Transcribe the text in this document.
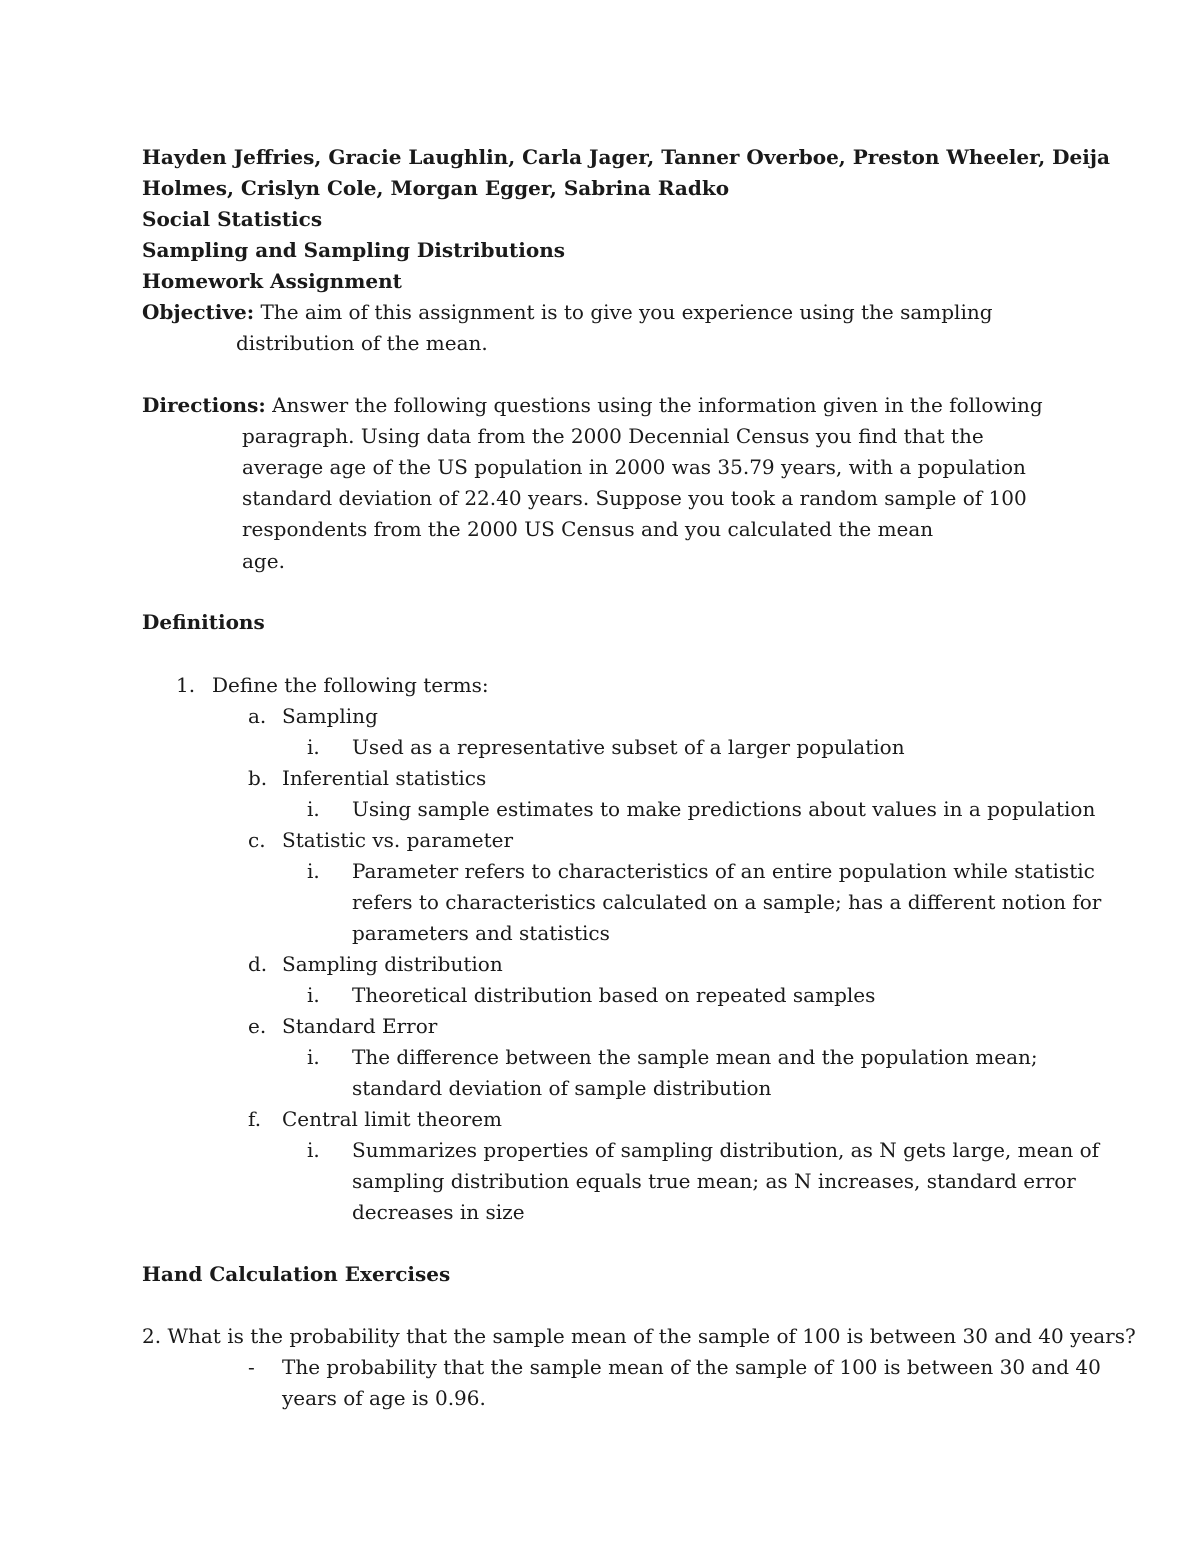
Hayden Jeffries, Gracie Laughlin, Carla Jager, Tanner Overboe, Preston Wheeler, Deija
Holmes, Crislyn Cole, Morgan Egger, Sabrina Radko
Social Statistics
Sampling and Sampling Distributions
Homework Assignment
Objective: The aim of this assignment is to give you experience using the sampling
distribution of the mean.
Directions: Answer the following questions using the information given in the following
paragraph. Using data from the 2000 Decennial Census you find that the
average age of the US population in 2000 was 35.79 years, with a population
standard deviation of 22.40 years. Suppose you took a random sample of 100
respondents from the 2000 US Census and you calculated the mean
age.
Definitions
1. Define the following terms:
a. Sampling
i. Used as a representative subset of a larger population
b. Inferential statistics
i. Using sample estimates to make predictions about values in a population
c. Statistic vs. parameter
i. Parameter refers to characteristics of an entire population while statistic
refers to characteristics calculated on a sample; has a different notion for
parameters and statistics
d. Sampling distribution
i. Theoretical distribution based on repeated samples
e. Standard Error
i. The difference between the sample mean and the population mean;
standard deviation of sample distribution
f. Central limit theorem
i. Summarizes properties of sampling distribution, as N gets large, mean of
sampling distribution equals true mean; as N increases, standard error
decreases in size
Hand Calculation Exercises
2. What is the probability that the sample mean of the sample of 100 is between 30 and 40 years?
- The probability that the sample mean of the sample of 100 is between 30 and 40
years of age is 0.96.
